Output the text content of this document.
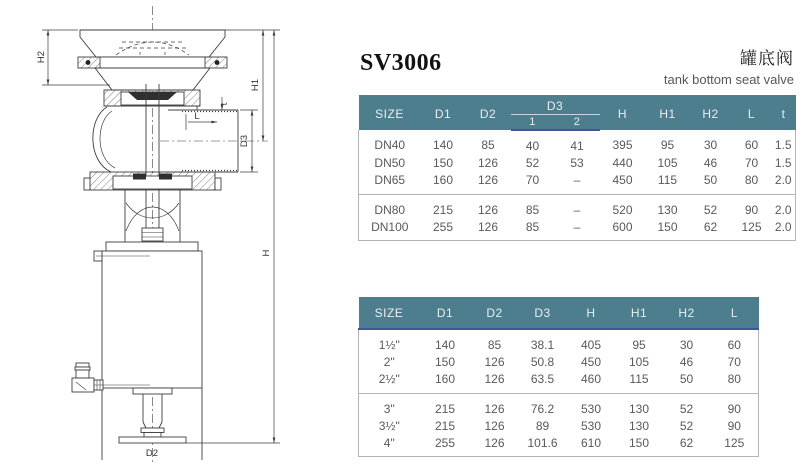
H2
H1
H
D3
L
t
D2
SV3006	罐底阀
tank bottom seat valve
SIZE	D1	D2	D3		H	H1	H2	L	t
			1	2					
DN40	140	85	40	41	395	95	30	60	1.5
DN50	150	126	52	53	440	105	46	70	1.5
DN65	160	126	70	–	450	115	50	80	2.0
DN80	215	126	85	–	520	130	52	90	2.0
DN100	255	126	85	–	600	150	62	125	2.0
SIZE	D1	D2	D3	H	H1	H2	L
1½"	140	85	38.1	405	95	30	60
2"	150	126	50.8	450	105	46	70
2½"	160	126	63.5	460	115	50	80
3"	215	126	76.2	530	130	52	90
3½"	215	126	89	530	130	52	90
4"	255	126	101.6	610	150	62	125
